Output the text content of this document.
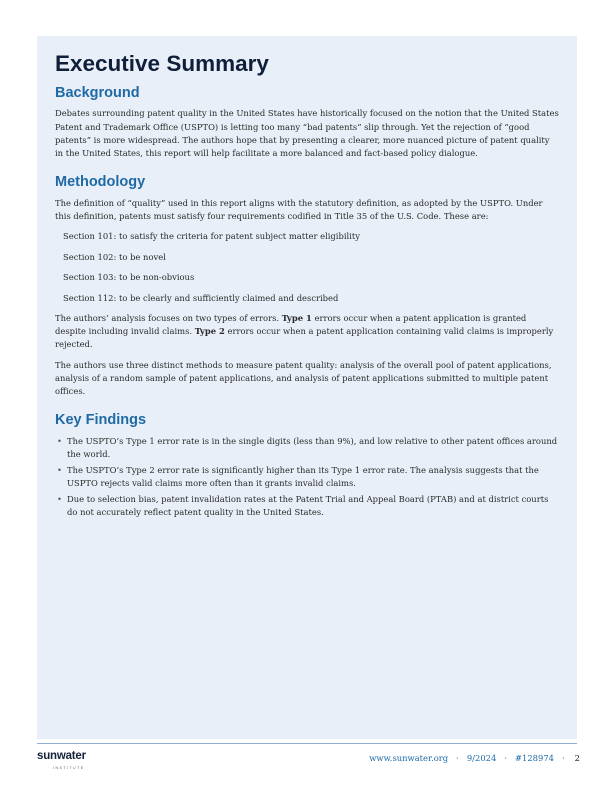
Executive Summary
Background

Debates surrounding patent quality in the United States have historically focused on the notion that the United States Patent and Trademark Office (USPTO) is letting too many “bad patents” slip through. Yet the rejection of “good patents” is more widespread. The authors hope that by presenting a clearer, more nuanced picture of patent quality in the United States, this report will help facilitate a more balanced and fact-based policy dialogue.

Methodology

The definition of “quality” used in this report aligns with the statutory definition, as adopted by the USPTO. Under this definition, patents must satisfy four requirements codified in Title 35 of the U.S. Code. These are:

Section 101: to satisfy the criteria for patent subject matter eligibility
Section 102: to be novel
Section 103: to be non-obvious
Section 112: to be clearly and sufficiently claimed and described

The authors’ analysis focuses on two types of errors. Type 1 errors occur when a patent application is granted despite including invalid claims. Type 2 errors occur when a patent application containing valid claims is improperly rejected.

The authors use three distinct methods to measure patent quality: analysis of the overall pool of patent applications, analysis of a random sample of patent applications, and analysis of patent applications submitted to multiple patent offices.

Key Findings
• The USPTO’s Type 1 error rate is in the single digits (less than 9%), and low relative to other patent offices around the world.
• The USPTO’s Type 2 error rate is significantly higher than its Type 1 error rate. The analysis suggests that the USPTO rejects valid claims more often than it grants invalid claims.
• Due to selection bias, patent invalidation rates at the Patent Trial and Appeal Board (PTAB) and at district courts do not accurately reflect patent quality in the United States.
sunwater
INSTITUTE
www.sunwater.org · 9/2024 · #128974 · 2
